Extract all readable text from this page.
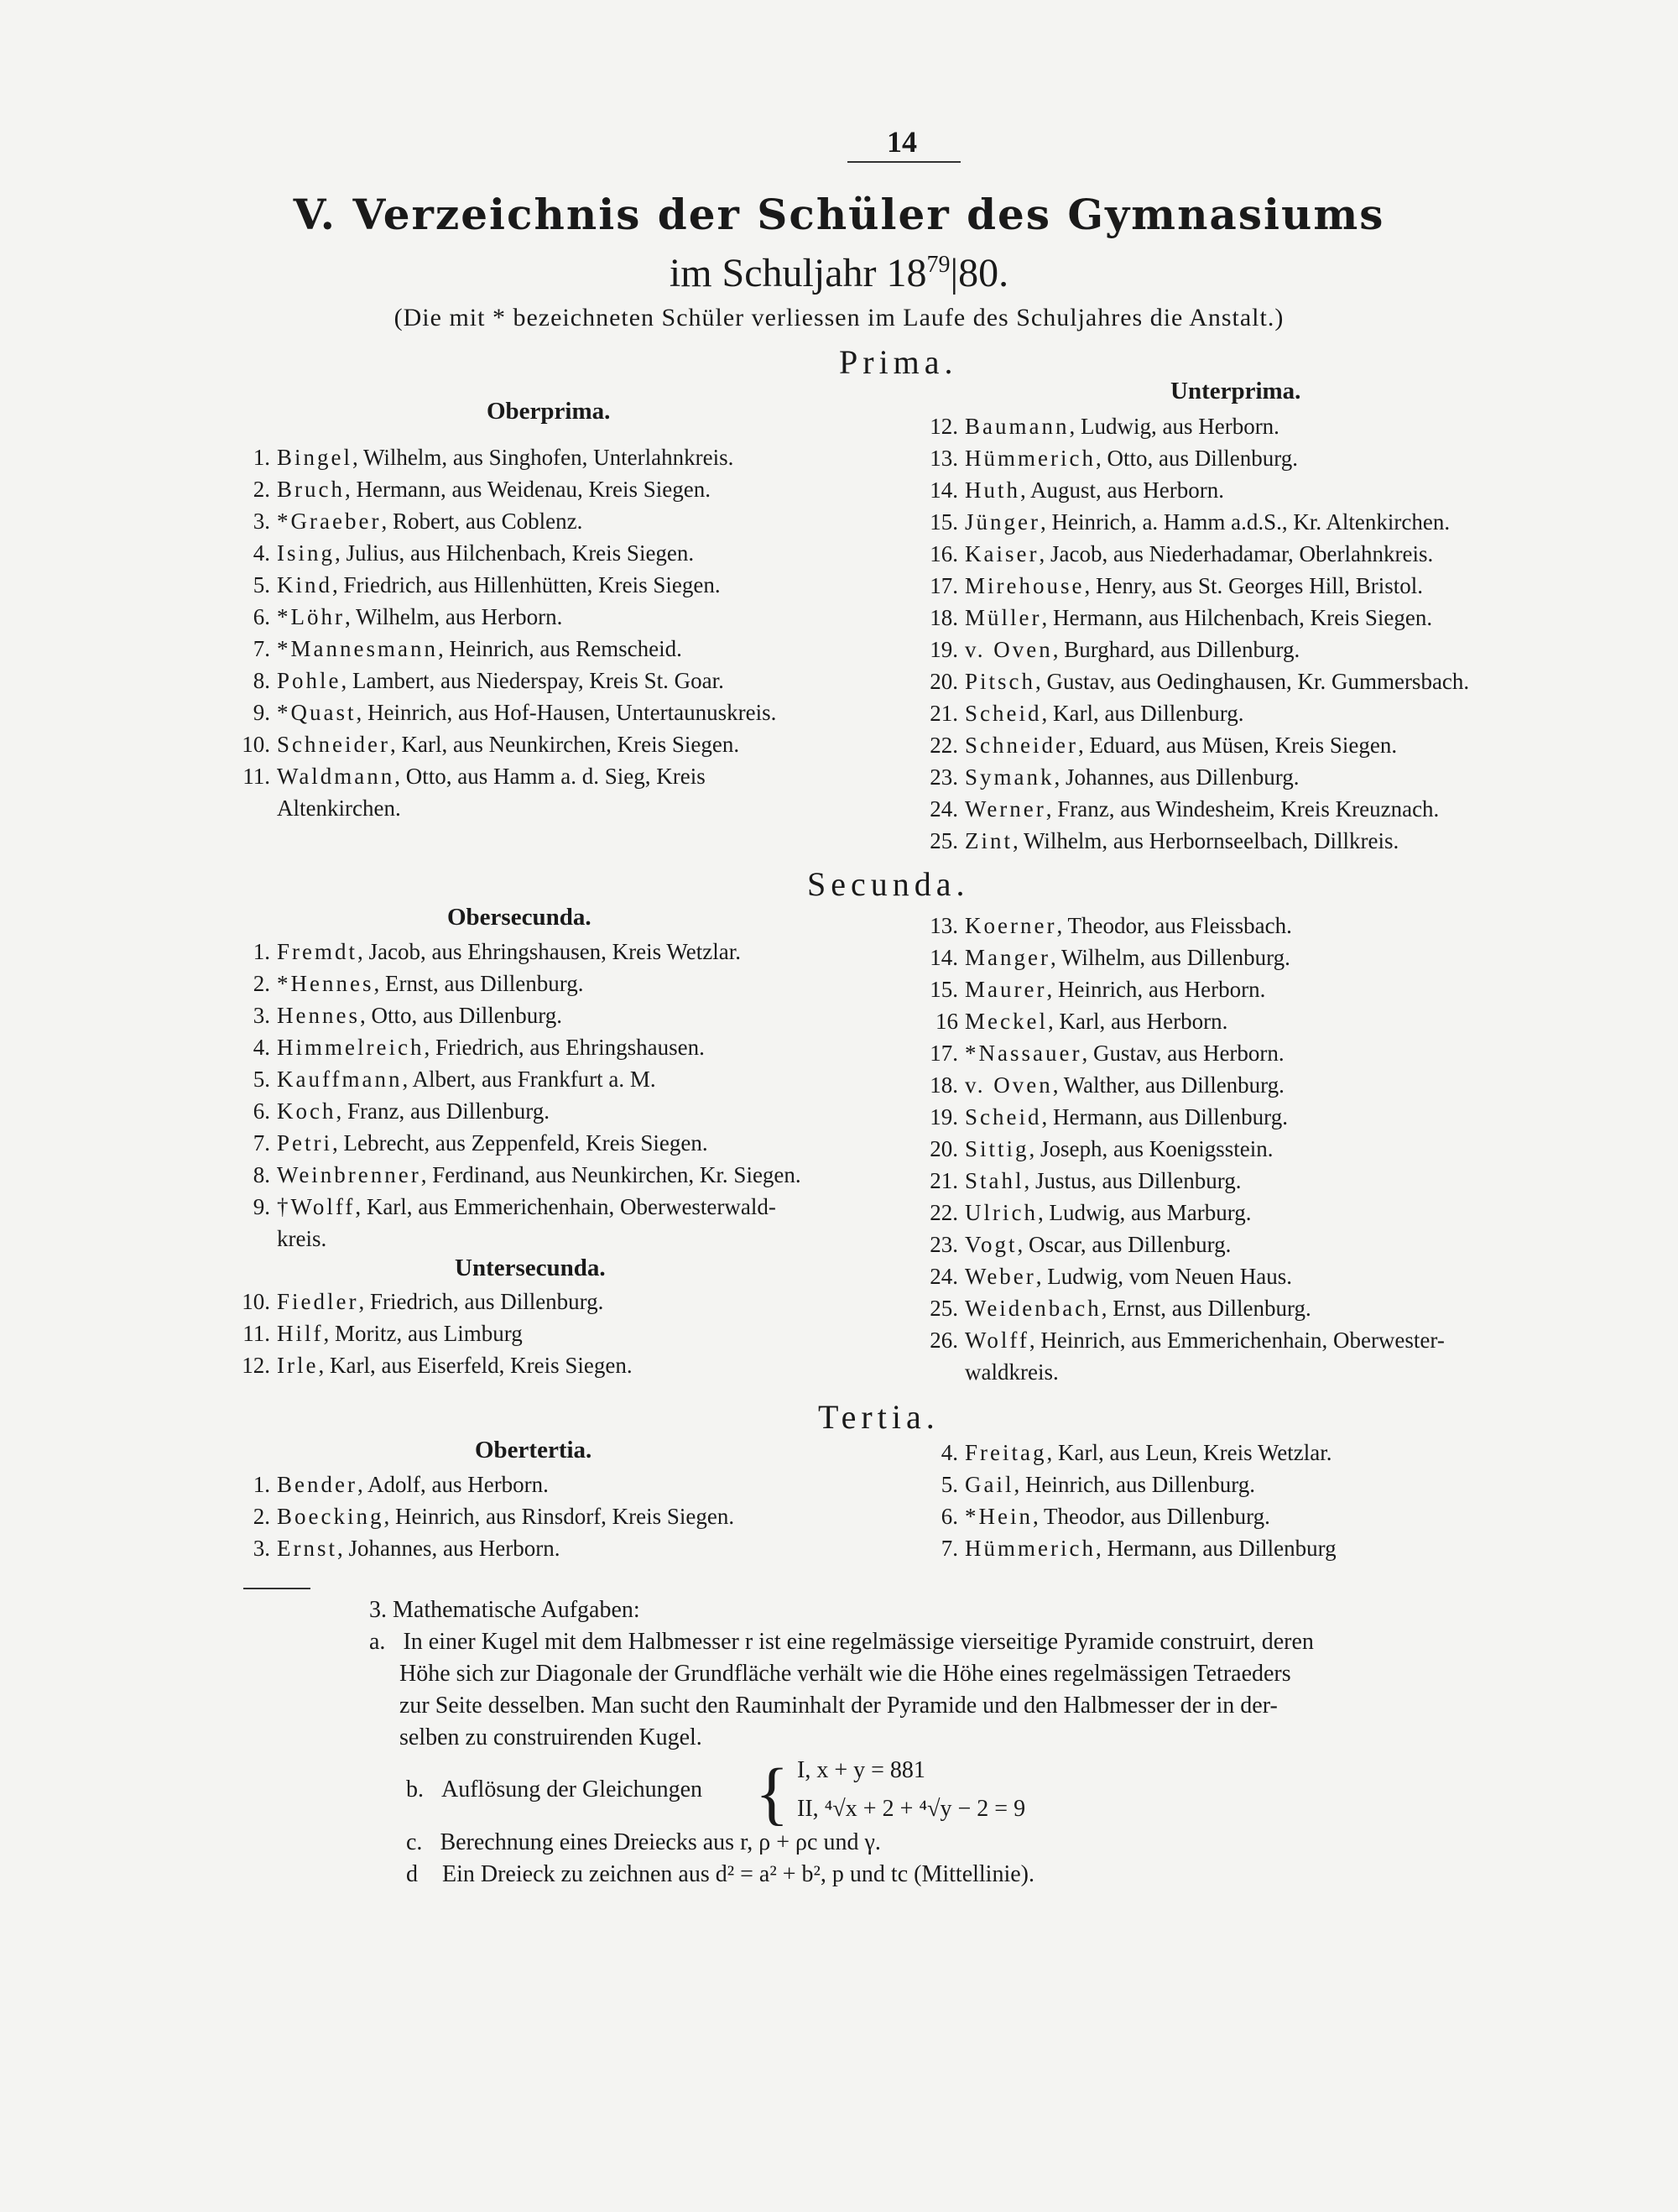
14
V. Verzeichnis der Schüler des Gymnasiums
im Schuljahr $18^{79}|80$.
(Die mit * bezeichneten Schüler verliessen im Laufe des Schuljahres die Anstalt.)
Prima.
Oberprima.
Unterprima.
1. Bingel, Wilhelm, aus Singhofen, Unterlahnkreis.
2. Bruch, Hermann, aus Weidenau, Kreis Siegen.
3. *Graeber, Robert, aus Coblenz.
4. Ising, Julius, aus Hilchenbach, Kreis Siegen.
5. Kind, Friedrich, aus Hillenhütten, Kreis Siegen.
6. *Löhr, Wilhelm, aus Herborn.
7. *Mannesmann, Heinrich, aus Remscheid.
8. Pohle, Lambert, aus Niederspay, Kreis St. Goar.
9. *Quast, Heinrich, aus Hof-Hausen, Untertaunuskreis.
10. Schneider, Karl, aus Neunkirchen, Kreis Siegen.
11. Waldmann, Otto, aus Hamm a. d. Sieg, Kreis
Altenkirchen.
12. Baumann, Ludwig, aus Herborn.
13. Hümmerich, Otto, aus Dillenburg.
14. Huth, August, aus Herborn.
15. Jünger, Heinrich, a. Hamm a.d.S., Kr. Altenkirchen.
16. Kaiser, Jacob, aus Niederhadamar, Oberlahnkreis.
17. Mirehouse, Henry, aus St. Georges Hill, Bristol.
18. Müller, Hermann, aus Hilchenbach, Kreis Siegen.
19. v. Oven, Burghard, aus Dillenburg.
20. Pitsch, Gustav, aus Oedinghausen, Kr. Gummersbach.
21. Scheid, Karl, aus Dillenburg.
22. Schneider, Eduard, aus Müsen, Kreis Siegen.
23. Symank, Johannes, aus Dillenburg.
24. Werner, Franz, aus Windesheim, Kreis Kreuznach.
25. Zint, Wilhelm, aus Herbornseelbach, Dillkreis.
Secunda.
Obersecunda.
1. Fremdt, Jacob, aus Ehringshausen, Kreis Wetzlar.
2. *Hennes, Ernst, aus Dillenburg.
3. Hennes, Otto, aus Dillenburg.
4. Himmelreich, Friedrich, aus Ehringshausen.
5. Kauffmann, Albert, aus Frankfurt a. M.
6. Koch, Franz, aus Dillenburg.
7. Petri, Lebrecht, aus Zeppenfeld, Kreis Siegen.
8. Weinbrenner, Ferdinand, aus Neunkirchen, Kr. Siegen.
9. †Wolff, Karl, aus Emmerichenhain, Oberwesterwald-
kreis.
Untersecunda.
10. Fiedler, Friedrich, aus Dillenburg.
11. Hilf, Moritz, aus Limburg
12. Irle, Karl, aus Eiserfeld, Kreis Siegen.
13. Koerner, Theodor, aus Fleissbach.
14. Manger, Wilhelm, aus Dillenburg.
15. Maurer, Heinrich, aus Herborn.
16 Meckel, Karl, aus Herborn.
17. *Nassauer, Gustav, aus Herborn.
18. v. Oven, Walther, aus Dillenburg.
19. Scheid, Hermann, aus Dillenburg.
20. Sittig, Joseph, aus Koenigsstein.
21. Stahl, Justus, aus Dillenburg.
22. Ulrich, Ludwig, aus Marburg.
23. Vogt, Oscar, aus Dillenburg.
24. Weber, Ludwig, vom Neuen Haus.
25. Weidenbach, Ernst, aus Dillenburg.
26. Wolff, Heinrich, aus Emmerichenhain, Oberwester-
waldkreis.
Tertia.
Obertertia.
1. Bender, Adolf, aus Herborn.
2. Boecking, Heinrich, aus Rinsdorf, Kreis Siegen.
3. Ernst, Johannes, aus Herborn.
4. Freitag, Karl, aus Leun, Kreis Wetzlar.
5. Gail, Heinrich, aus Dillenburg.
6. *Hein, Theodor, aus Dillenburg.
7. Hümmerich, Hermann, aus Dillenburg
3. Mathematische Aufgaben:
a. In einer Kugel mit dem Halbmesser r ist eine regelmässige vierseitige Pyramide construirt, deren
Höhe sich zur Diagonale der Grundfläche verhält wie die Höhe eines regelmässigen Tetraeders
zur Seite desselben. Man sucht den Rauminhalt der Pyramide und den Halbmesser der in der-
selben zu construirenden Kugel.
{ I, x + y = 881
II, ⁴√x + 2 + ⁴√y − 2 = 9
b. Auflösung der Gleichungen
c. Berechnung eines Dreiecks aus r, ρ + ρc und γ.
d Ein Dreieck zu zeichnen aus d² = a² + b², p und tc (Mittellinie).
